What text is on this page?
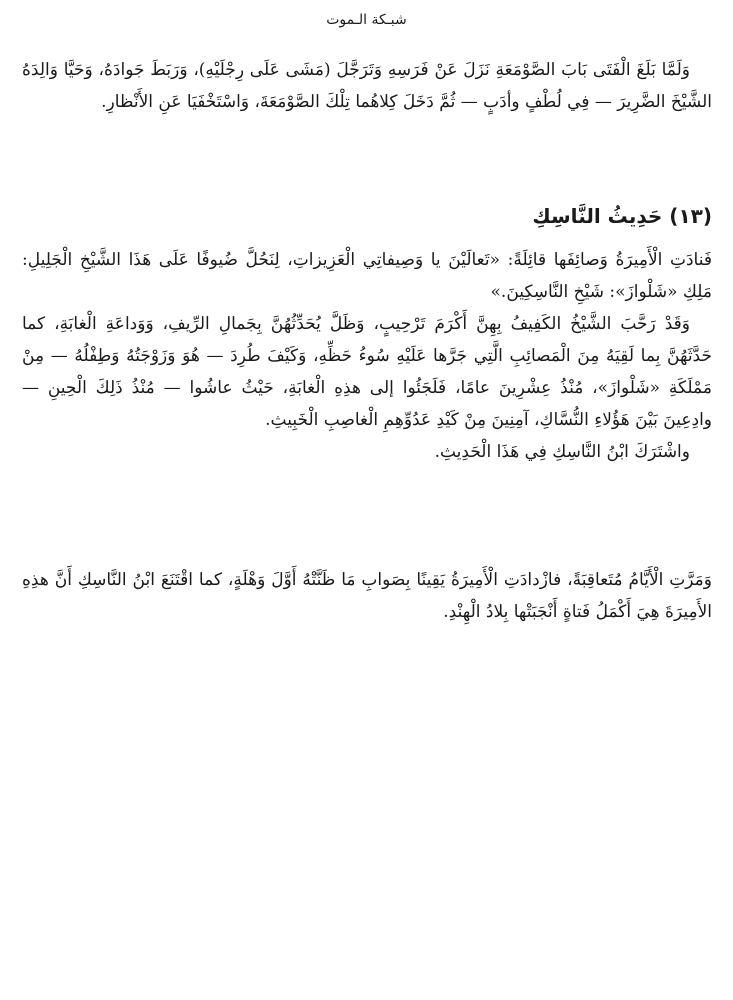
شبـكة الـموت

وَلَمَّا بَلَغَ الْفَتَى بَابَ الصَّوْمَعَةِ نَزَلَ عَنْ فَرَسِهِ وَتَرَجَّلَ (مَشَى عَلَى رِجْلَيْهِ)، وَرَبَطَ جَوادَهُ، وَحَيَّا وَالِدَهُ الشَّيْخَ الضَّرِيرَ — فِي لُطْفٍ وأدَبٍ — ثُمَّ دَخَلَ كِلاهُما تِلْكَ الصَّوْمَعَةَ، وَاسْتَخْفَيَا عَنِ الأَنْظارِ.

(١٣) حَدِيثُ النَّاسِكِ

فَنادَتِ الْأَمِيرَةُ وَصائِفَها قائِلَةً: «تَعالَيْنَ يا وَصِيفاتِي الْعَزِيزاتِ، لِنَحُلَّ ضُيوفًا عَلَى هَذَا الشَّيْخِ الْجَلِيلِ: مَلِكِ «شَلْوازَ»: شَيْخِ النَّاسِكِينَ.»

وَقَدْ رَحَّبَ الشَّيْخُ الكَفِيفُ بِهِنَّ أَكْرَمَ تَرْحِيبٍ، وَظَلَّ يُحَدِّثُهُنَّ بِجَمالِ الرِّيفِ، وَوَداعَةِ الْغابَةِ، كما حَدَّثَهُنَّ بِما لَقِيَهُ مِنَ الْمَصائِبِ الَّتِي جَرَّها عَلَيْهِ سُوءُ حَظِّهِ، وَكَيْفَ طُرِدَ — هُوَ وَزَوْجَتُهُ وَطِفْلُهُ — مِنْ مَمْلَكَةِ «شَلْوازَ»، مُنْذُ عِشْرِينَ عامًا، فَلَجَئُوا إلى هذِهِ الْغابَةِ، حَيْثُ عاشُوا — مُنْذُ ذَلِكَ الْحِينِ — وادِعِينَ بَيْنَ هَؤُلاءِ النُّسَّاكِ، آمِنِينَ مِنْ كَيْدِ عَدُوِّهِمِ الْغاصِبِ الْخَبِيثِ.

واشْتَرَكَ ابْنُ النَّاسِكِ فِي هَذَا الْحَدِيثِ.

وَمَرَّتِ الْأَيَّامُ مُتَعاقِبَةً، فازْدادَتِ الْأَمِيرَةُ يَقِينًا بِصَوابِ مَا ظَنَّتْهُ أَوَّلَ وَهْلَةٍ، كما اقْتَنَعَ ابْنُ النَّاسِكِ أَنَّ هذِهِ الأَمِيرَةَ هِيَ أَكْمَلُ فَتاةٍ أَنْجَبَتْها بِلادُ الْهِنْدِ.
